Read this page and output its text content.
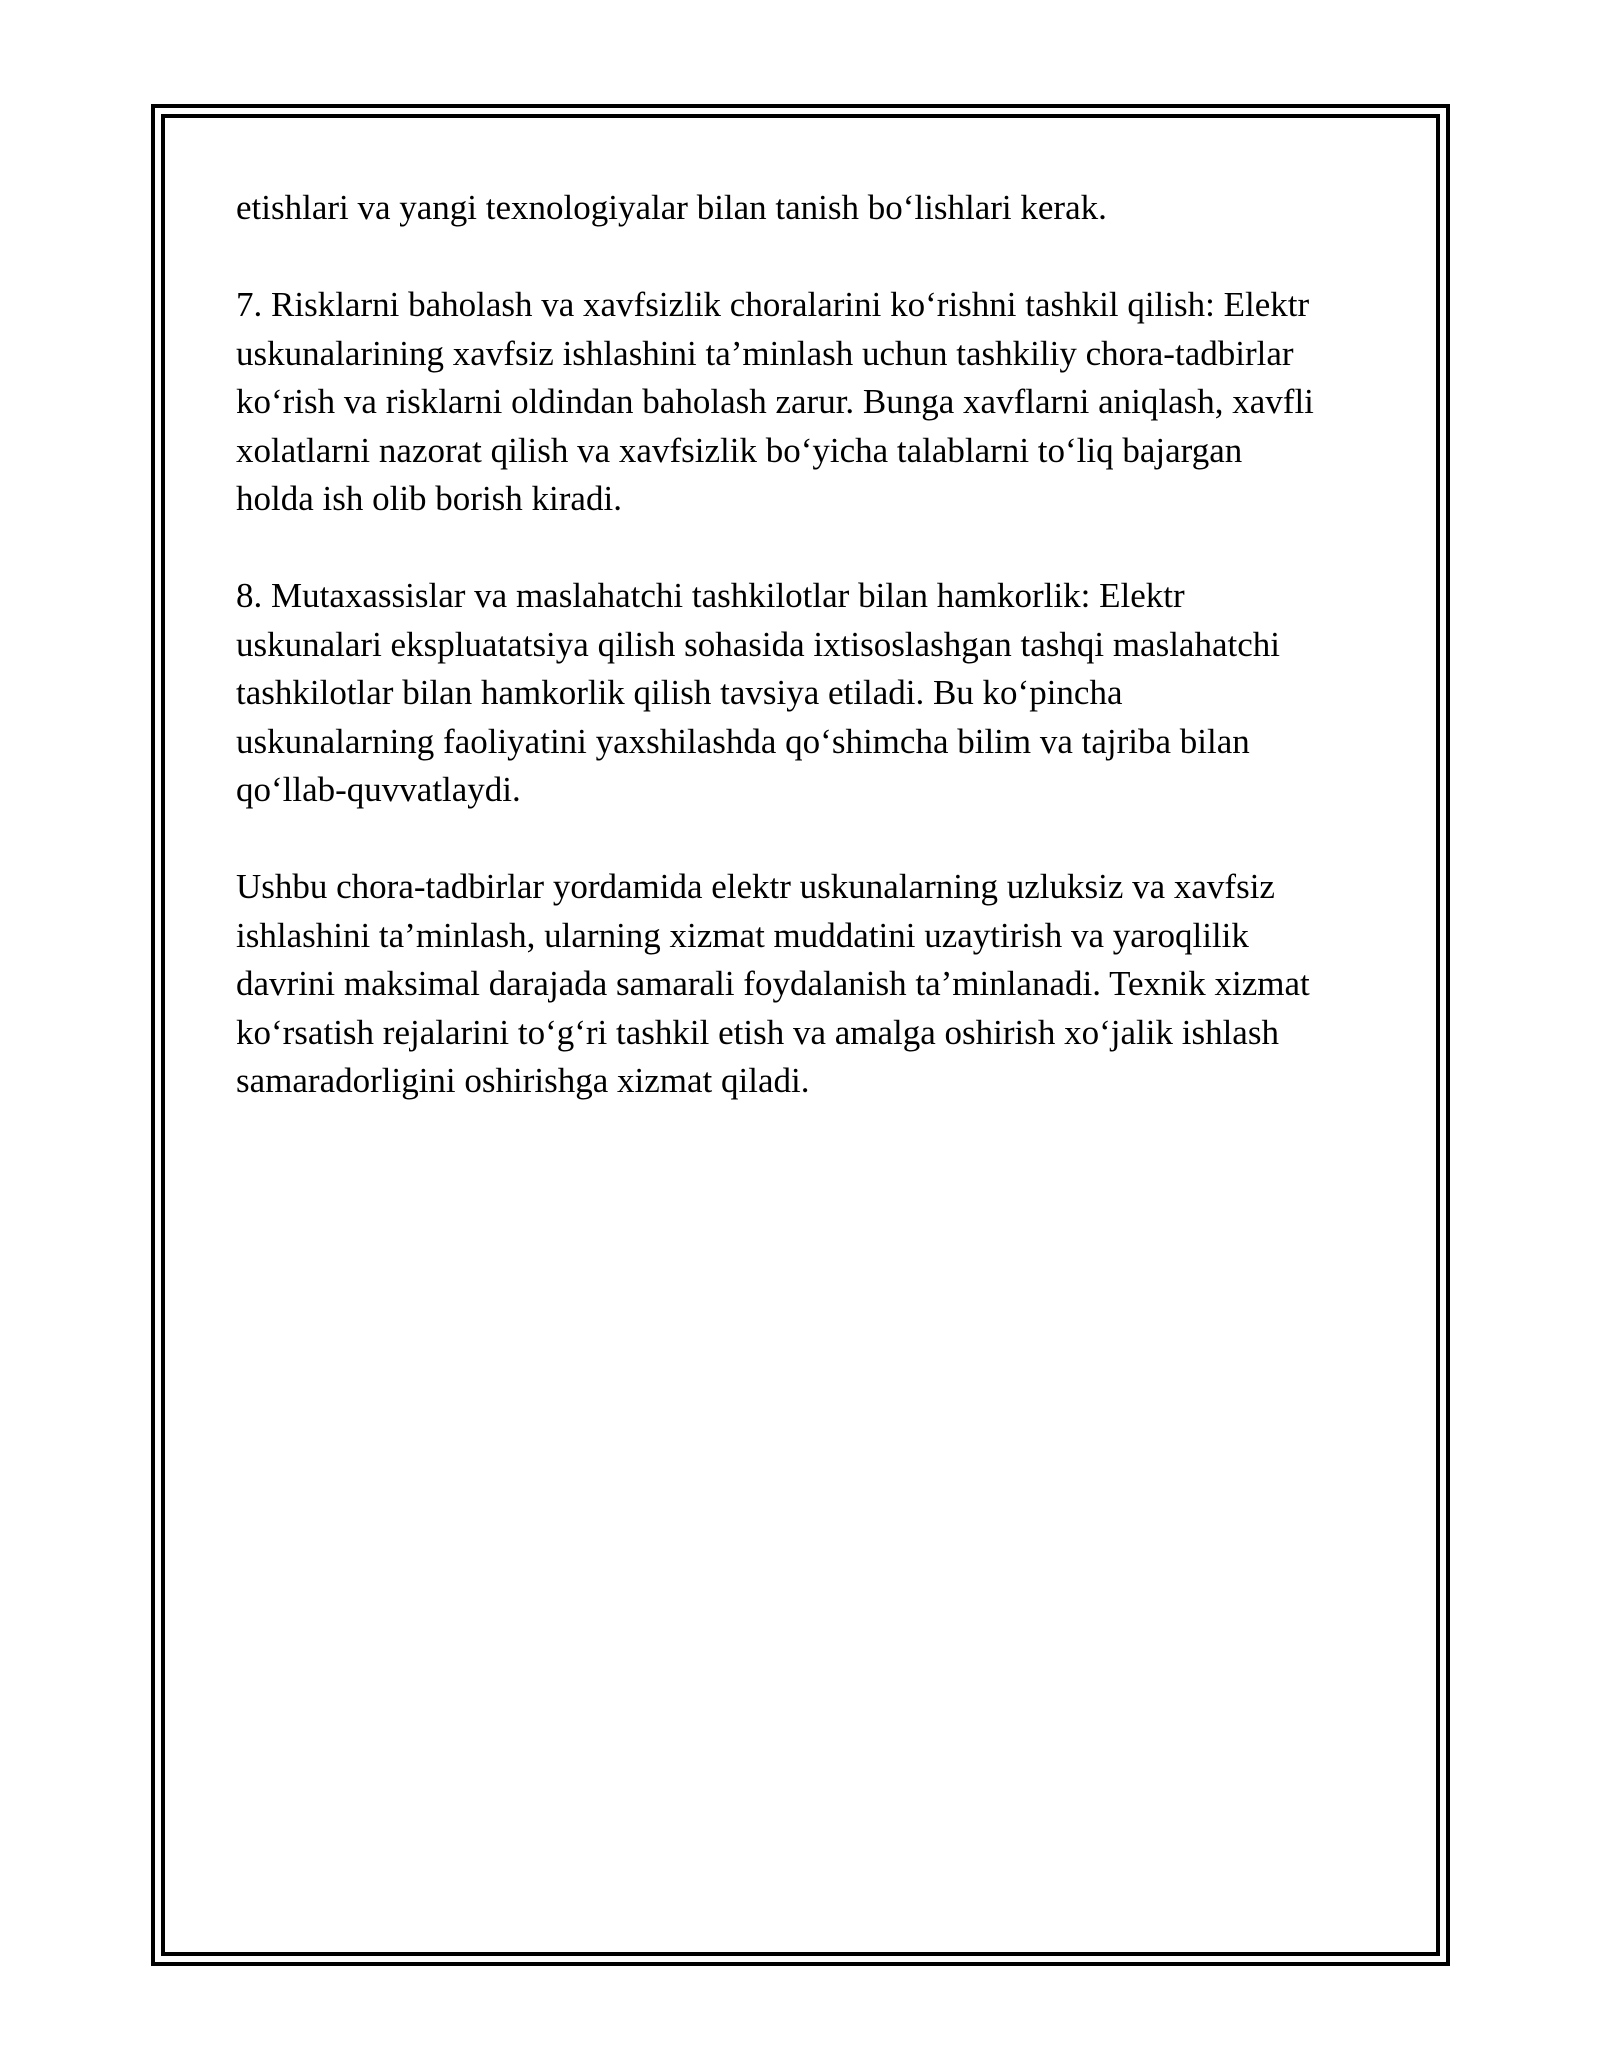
etishlari va yangi texnologiyalar bilan tanish bo‘lishlari kerak.

7. Risklarni baholash va xavfsizlik choralarini ko‘rishni tashkil qilish: Elektr
uskunalarining xavfsiz ishlashini ta’minlash uchun tashkiliy chora-tadbirlar
ko‘rish va risklarni oldindan baholash zarur. Bunga xavflarni aniqlash, xavfli
xolatlarni nazorat qilish va xavfsizlik bo‘yicha talablarni to‘liq bajargan
holda ish olib borish kiradi.

8. Mutaxassislar va maslahatchi tashkilotlar bilan hamkorlik: Elektr
uskunalari ekspluatatsiya qilish sohasida ixtisoslashgan tashqi maslahatchi
tashkilotlar bilan hamkorlik qilish tavsiya etiladi. Bu ko‘pincha
uskunalarning faoliyatini yaxshilashda qo‘shimcha bilim va tajriba bilan
qo‘llab-quvvatlaydi.

Ushbu chora-tadbirlar yordamida elektr uskunalarning uzluksiz va xavfsiz
ishlashini ta’minlash, ularning xizmat muddatini uzaytirish va yaroqlilik
davrini maksimal darajada samarali foydalanish ta’minlanadi. Texnik xizmat
ko‘rsatish rejalarini to‘g‘ri tashkil etish va amalga oshirish xo‘jalik ishlash
samaradorligini oshirishga xizmat qiladi.
